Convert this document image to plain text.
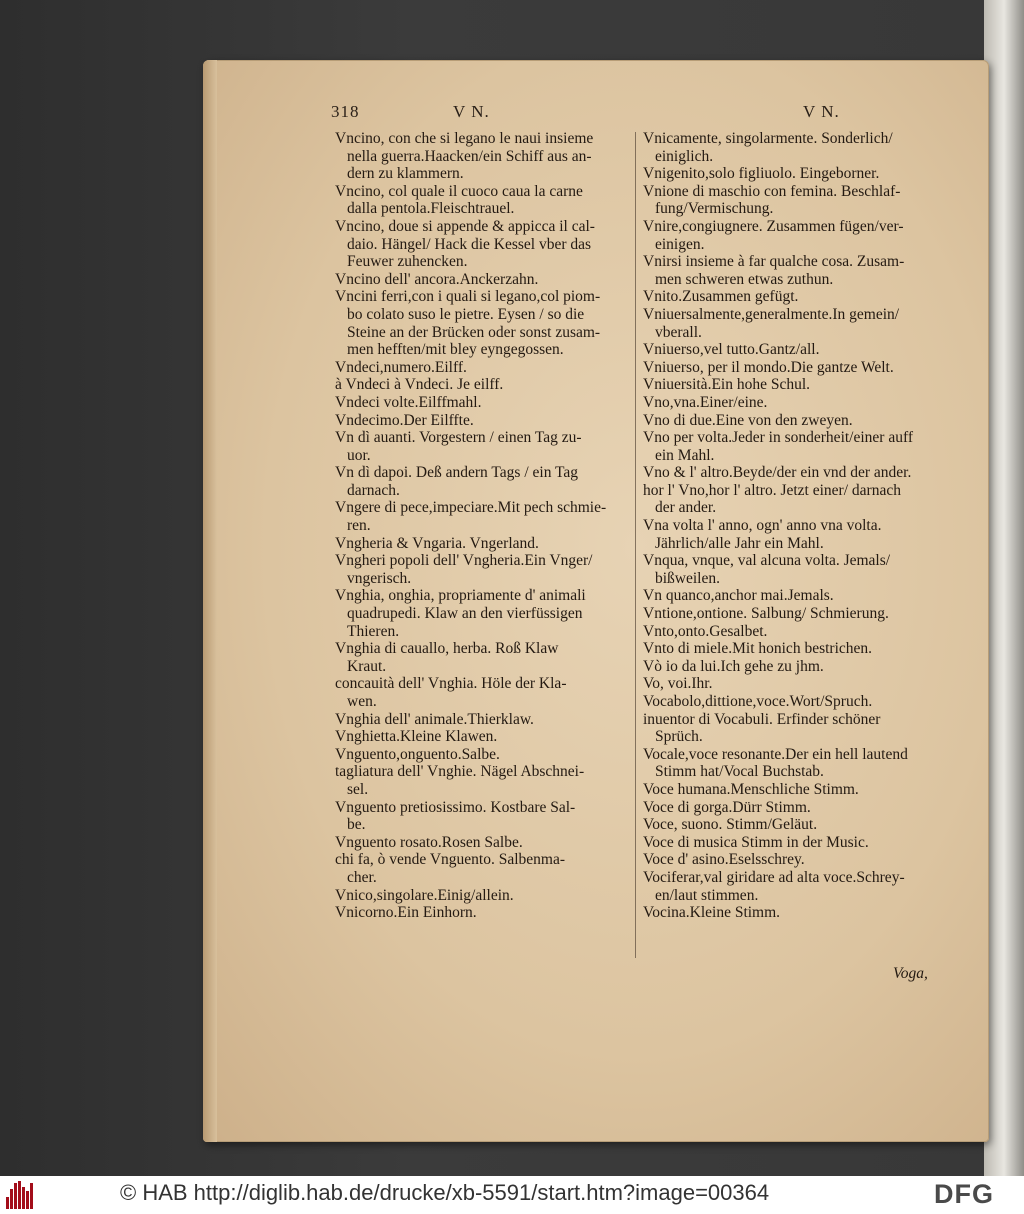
318	V N.	V N.
Vncino, con che si legano le naui insieme
nella guerra.Haacken/ein Schiff aus an-
dern zu klammern.
Vncino, col quale il cuoco caua la carne
dalla pentola.Fleischtrauel.
Vncino, doue si appende & appicca il cal-
daio. Hängel/ Hack die Kessel vber das
Feuwer zuhencken.
Vncino dell' ancora.Anckerzahn.
Vncini ferri,con i quali si legano,col piom-
bo colato suso le pietre. Eysen / so die
Steine an der Brücken oder sonst zusam-
men hefften/mit bley eyngegossen.
Vndeci,numero.Eilff.
à Vndeci à Vndeci. Je eilff.
Vndeci volte.Eilffmahl.
Vndecimo.Der Eilffte.
Vn dì auanti. Vorgestern / einen Tag zu-
uor.
Vn dì dapoi. Deß andern Tags / ein Tag
darnach.
Vngere di pece,impeciare.Mit pech schmie-
ren.
Vngheria & Vngaria. Vngerland.
Vngheri popoli dell' Vngheria.Ein Vnger/
vngerisch.
Vnghia, onghia, propriamente d' animali
quadrupedi. Klaw an den vierfüssigen
Thieren.
Vnghia di cauallo, herba. Roß Klaw
Kraut.
concauità dell' Vnghia. Höle der Kla-
wen.
Vnghia dell' animale.Thierklaw.
Vnghietta.Kleine Klawen.
Vnguento,onguento.Salbe.
tagliatura dell' Vnghie. Nägel Abschnei-
sel.
Vnguento pretiosissimo. Kostbare Sal-
be.
Vnguento rosato.Rosen Salbe.
chi fa, ò vende Vnguento. Salbenma-
cher.
Vnico,singolare.Einig/allein.
Vnicorno.Ein Einhorn.
Vnicamente, singolarmente. Sonderlich/
einiglich.
Vnigenito,solo figliuolo. Eingeborner.
Vnione di maschio con femina. Beschlaf-
fung/Vermischung.
Vnire,congiugnere. Zusammen fügen/ver-
einigen.
Vnirsi insieme à far qualche cosa. Zusam-
men schweren etwas zuthun.
Vnito.Zusammen gefügt.
Vniuersalmente,generalmente.In gemein/
vberall.
Vniuerso,vel tutto.Gantz/all.
Vniuerso, per il mondo.Die gantze Welt.
Vniuersità.Ein hohe Schul.
Vno,vna.Einer/eine.
Vno di due.Eine von den zweyen.
Vno per volta.Jeder in sonderheit/einer auff
ein Mahl.
Vno & l' altro.Beyde/der ein vnd der ander.
hor l' Vno,hor l' altro. Jetzt einer/ darnach
der ander.
Vna volta l' anno, ogn' anno vna volta.
Jährlich/alle Jahr ein Mahl.
Vnqua, vnque, val alcuna volta. Jemals/
bißweilen.
Vn quanco,anchor mai.Jemals.
Vntione,ontione. Salbung/ Schmierung.
Vnto,onto.Gesalbet.
Vnto di miele.Mit honich bestrichen.
Vò io da lui.Ich gehe zu jhm.
Vo, voi.Ihr.
Vocabolo,dittione,voce.Wort/Spruch.
inuentor di Vocabuli. Erfinder schöner
Sprüch.
Vocale,voce resonante.Der ein hell lautend
Stimm hat/Vocal Buchstab.
Voce humana.Menschliche Stimm.
Voce di gorga.Dürr Stimm.
Voce, suono. Stimm/Geläut.
Voce di musica Stimm in der Music.
Voce d' asino.Eselsschrey.
Vociferar,val giridare ad alta voce.Schrey-
en/laut stimmen.
Vocina.Kleine Stimm.
Voga,
© HAB http://diglib.hab.de/drucke/xb-5591/start.htm?image=00364	DFG
